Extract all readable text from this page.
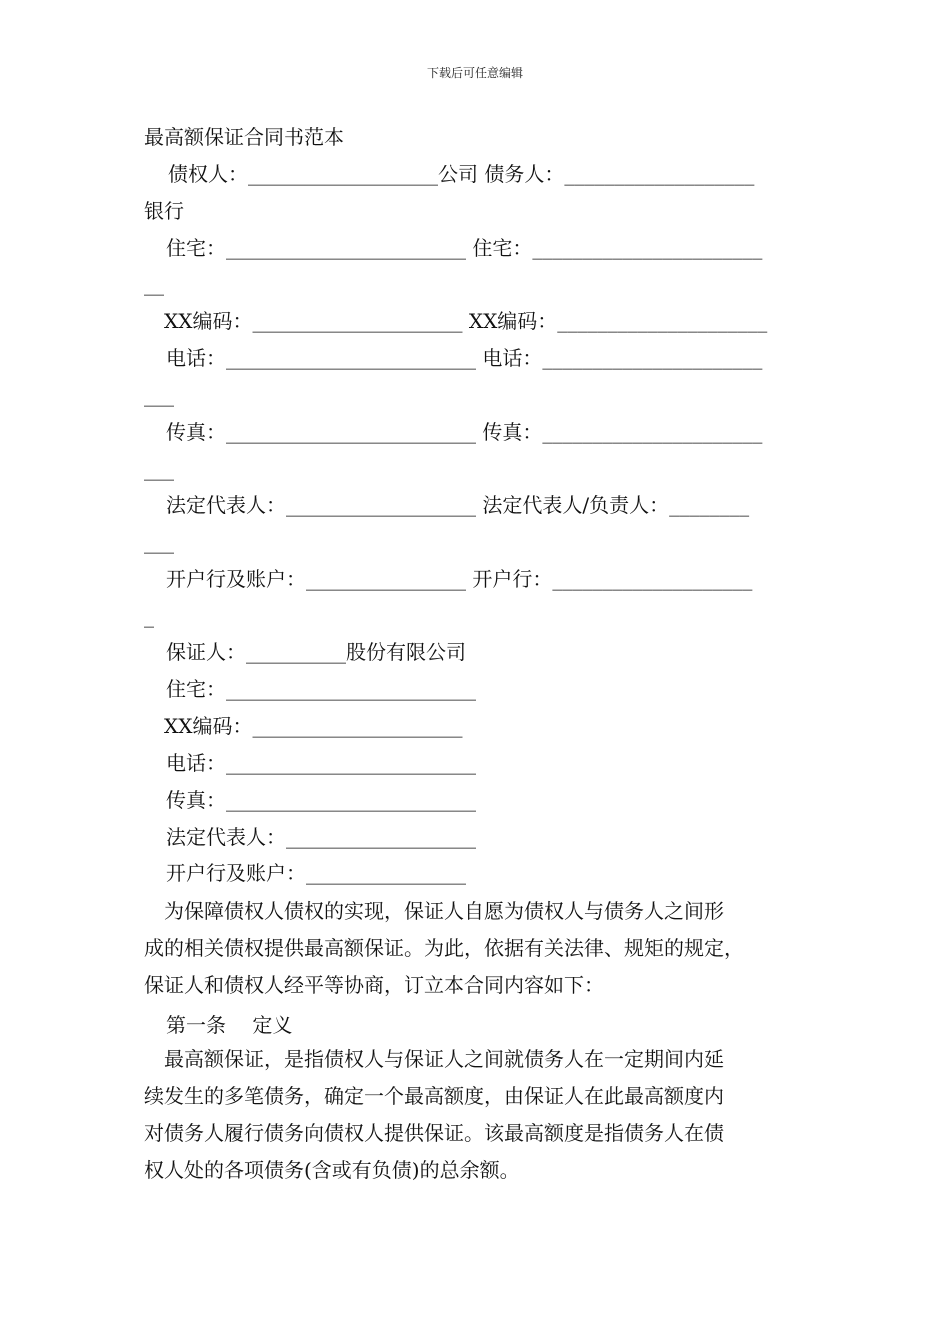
下载后可任意编辑
最高额保证合同书范本
债权人：___________________公司 债务人：___________________
银行
住宅：________________________ 住宅：_______________________
__
XX编码：_____________________ XX编码：_____________________
电话：_________________________ 电话：______________________
___
传真：_________________________ 传真：______________________
___
法定代表人：___________________ 法定代表人/负责人：________
___
开户行及账户：________________ 开户行：____________________
_
保证人：__________股份有限公司
住宅：_________________________
XX编码：_____________________
电话：_________________________
传真：_________________________
法定代表人：___________________
开户行及账户：________________
　为保障债权人债权的实现，保证人自愿为债权人与债务人之间形
成的相关债权提供最高额保证。为此，依据有关法律、规矩的规定，
保证人和债权人经平等协商，订立本合同内容如下：
第一条　 定义
　最高额保证，是指债权人与保证人之间就债务人在一定期间内延
续发生的多笔债务，确定一个最高额度，由保证人在此最高额度内
对债务人履行债务向债权人提供保证。该最高额度是指债务人在债
权人处的各项债务(含或有负债)的总余额。
